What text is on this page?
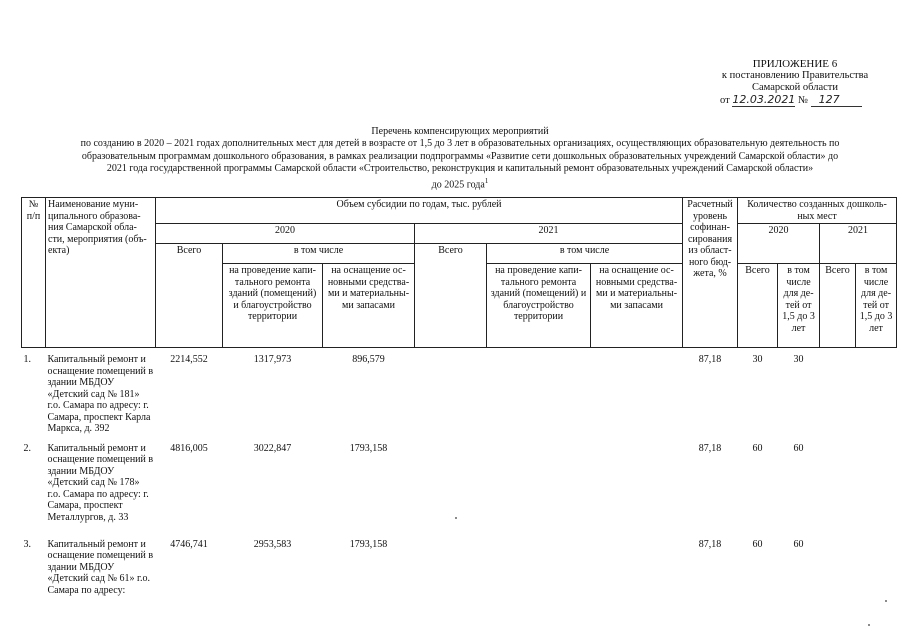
ПРИЛОЖЕНИЕ 6
к постановлению Правительства
Самарской области
от 12.03.2021 № 127
Перечень компенсирующих мероприятий
по созданию в 2020 – 2021 годах дополнительных мест для детей в возрасте от 1,5 до 3 лет в образовательных организациях, осуществляющих образовательную деятельность по
образовательным программам дошкольного образования, в рамках реализации подпрограммы «Развитие сети дошкольных образовательных учреждений Самарской области» до
2021 года государственной программы Самарской области «Строительство, реконструкция и капитальный ремонт образовательных учреждений Самарской области»
до 2025 года$^1$
№ п/п	Наименование муни-ципального образова-ния Самарской обла-сти, мероприятия (объ-екта)	Объем субсидии по годам, тыс. рублей						Расчетный уровень софинан-сирования из област-ного бюд-жета, %	Количество созданных дошколь-ных мест			
		2020			2021				2020		2021	
		Всего	в том числе		Всего	в том числе						
			на проведение капи-тального ремонта зданий (помещений) и благоустройство территории	на оснащение ос-новными средства-ми и материальны-ми запасами		на проведение капи-тального ремонта зданий (помещений) и благоустройство территории	на оснащение ос-новными средства-ми и материальны-ми запасами		Всего	в том числе для де-тей от 1,5 до 3 лет	Всего	в том числе для де-тей от 1,5 до 3 лет
1.	Капитальный ремонт и оснащение помещений в здании МБДОУ «Детский сад № 181» г.о. Самара по адресу: г. Самара, проспект Карла Маркса, д. 392	2214,552	1317,973	896,579				87,18	30	30		
2.	Капитальный ремонт и оснащение помещений в здании МБДОУ «Детский сад № 178» г.о. Самара по адресу: г. Самара, проспект Металлургов, д. 33	4816,005	3022,847	1793,158				87,18	60	60		
3.	Капитальный ремонт и оснащение помещений в здании МБДОУ «Детский сад № 61» г.о. Самара по адресу:	4746,741	2953,583	1793,158				87,18	60	60		
